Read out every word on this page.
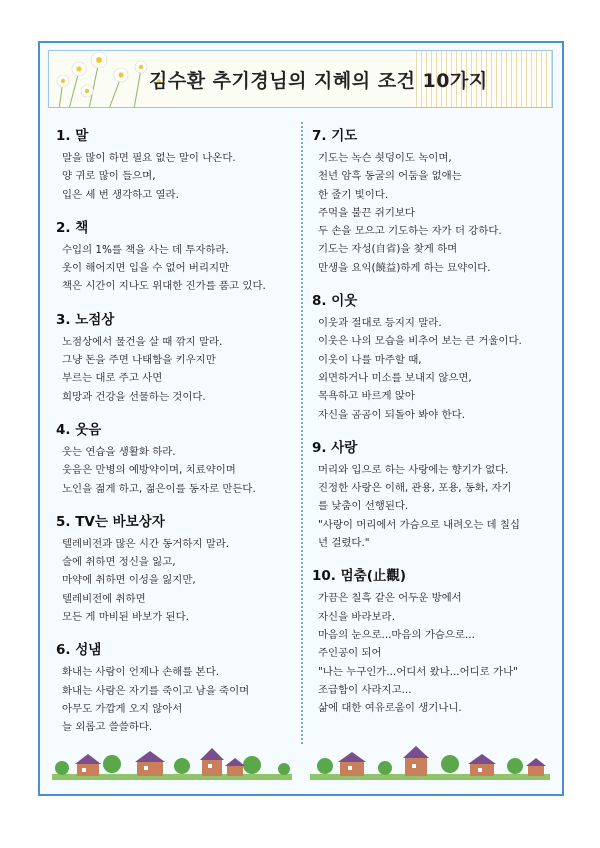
김수환 추기경님의 지혜의 조건 10가지
1. 말
말을 많이 하면 필요 없는 말이 나온다.
양 귀로 많이 들으며,
입은 세 번 생각하고 열라.
2. 책
수입의 1%를 책을 사는 데 투자하라.
옷이 해어지면 입을 수 없어 버리지만
책은 시간이 지나도 위대한 진가를 품고 있다.
3. 노점상
노점상에서 물건을 살 때 깎지 말라.
그냥 돈을 주면 나태함을 키우지만
부르는 대로 주고 사면
희망과 건강을 선물하는 것이다.
4. 웃음
웃는 연습을 생활화 하라.
웃음은 만병의 예방약이며, 치료약이며
노인을 젊게 하고, 젊은이를 동자로 만든다.
5. TV는 바보상자
텔레비전과 많은 시간 동거하지 말라.
술에 취하면 정신을 잃고,
마약에 취하면 이성을 잃지만,
텔레비전에 취하면
모든 게 마비된 바보가 된다.
6. 성냄
화내는 사람이 언제나 손해를 본다.
화내는 사람은 자기를 죽이고 남을 죽이며
아무도 가깝게 오지 않아서
늘 외롭고 쓸쓸하다.
7. 기도
기도는 녹슨 쇳덩이도 녹이며,
천년 암흑 동굴의 어둠을 없애는
한 줄기 빛이다.
주먹을 불끈 쥐기보다
두 손을 모으고 기도하는 자가 더 강하다.
기도는 자성(自省)을 찾게 하며
만생을 요익(饒益)하게 하는 묘약이다.
8. 이웃
이웃과 절대로 등지지 말라.
이웃은 나의 모습을 비추어 보는 큰 거울이다.
이웃이 나를 마주할 때,
외면하거나 미소를 보내지 않으면,
목욕하고 바르게 앉아
자신을 곰곰이 되돌아 봐야 한다.
9. 사랑
머리와 입으로 하는 사랑에는 향기가 없다.
진정한 사랑은 이해, 관용, 포용, 동화, 자기
를 낮춤이 선행된다.
"사랑이 머리에서 가슴으로 내려오는 데 칠십
년 걸렸다."
10. 멈춤(止觀)
가끔은 칠흑 같은 어두운 방에서
자신을 바라보라.
마음의 눈으로...마음의 가슴으로...
주인공이 되어
"나는 누구인가...어디서 왔나...어디로 가나"
조급함이 사라지고...
삶에 대한 여유로움이 생기나니.
